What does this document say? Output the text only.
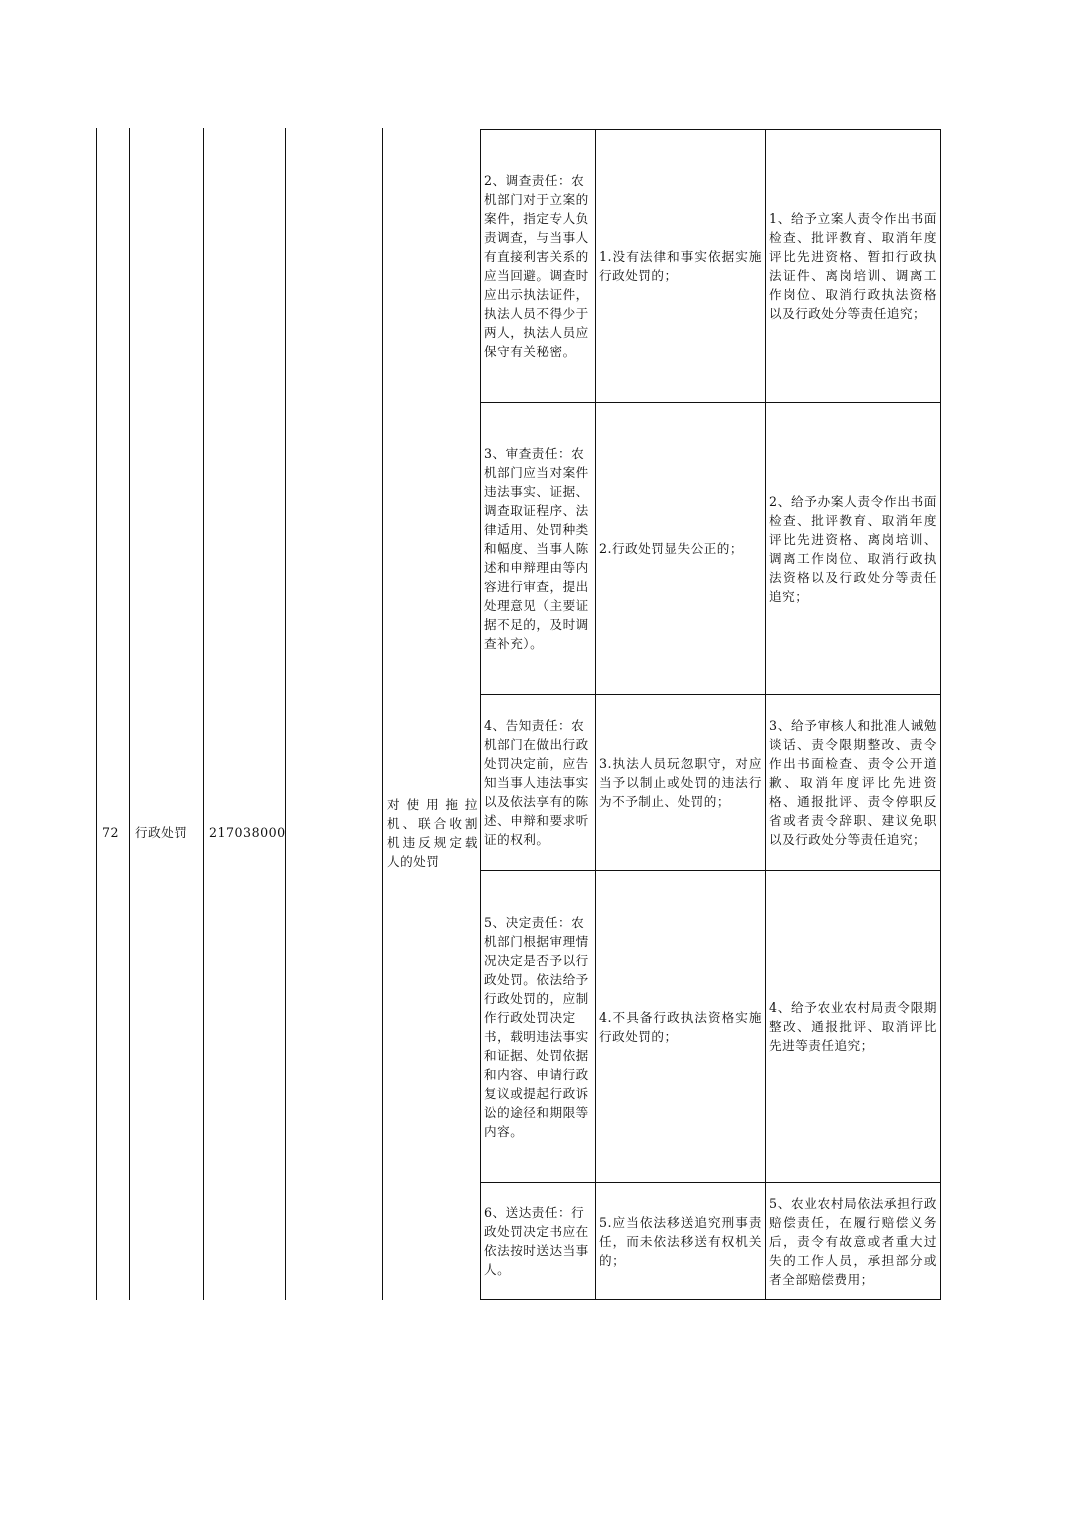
72	行政处罚	217038000
对使用拖拉机、联合收割机违反规定载人的处罚
2、调查责任：农机部门对于立案的案件，指定专人负责调查，与当事人有直接利害关系的应当回避。调查时应出示执法证件，执法人员不得少于两人，执法人员应保守有关秘密。	1.没有法律和事实依据实施行政处罚的；	1、给予立案人责令作出书面检查、批评教育、取消年度评比先进资格、暂扣行政执法证件、离岗培训、调离工作岗位、取消行政执法资格以及行政处分等责任追究；
3、审查责任：农机部门应当对案件违法事实、证据、调查取证程序、法律适用、处罚种类和幅度、当事人陈述和申辩理由等内容进行审查，提出处理意见（主要证据不足的，及时调查补充）。	2.行政处罚显失公正的；	2、给予办案人责令作出书面检查、批评教育、取消年度评比先进资格、离岗培训、调离工作岗位、取消行政执法资格以及行政处分等责任追究；
4、告知责任：农机部门在做出行政处罚决定前，应告知当事人违法事实以及依法享有的陈述、申辩和要求听证的权利。	3.执法人员玩忽职守，对应当予以制止或处罚的违法行为不予制止、处罚的；	3、给予审核人和批准人诫勉谈话、责令限期整改、责令作出书面检查、责令公开道歉、取消年度评比先进资格、通报批评、责令停职反省或者责令辞职、建议免职以及行政处分等责任追究；
5、决定责任：农机部门根据审理情况决定是否予以行政处罚。依法给予行政处罚的，应制作行政处罚决定书，载明违法事实和证据、处罚依据和内容、申请行政复议或提起行政诉讼的途径和期限等内容。	4.不具备行政执法资格实施行政处罚的；	4、给予农业农村局责令限期整改、通报批评、取消评比先进等责任追究；
6、送达责任：行政处罚决定书应在依法按时送达当事人。	5.应当依法移送追究刑事责任，而未依法移送有权机关的；	5、农业农村局依法承担行政赔偿责任，在履行赔偿义务后，责令有故意或者重大过失的工作人员，承担部分或者全部赔偿费用；
